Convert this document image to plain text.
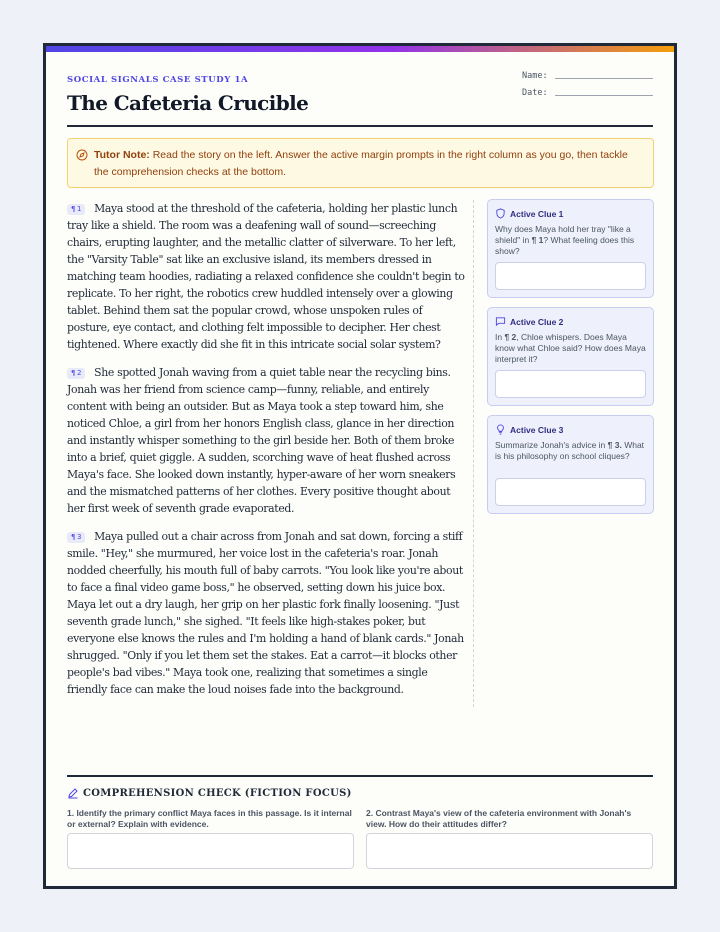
SOCIAL SIGNALS CASE STUDY 1A
The Cafeteria Crucible
Name:
Date:
Tutor Note: Read the story on the left. Answer the active margin prompts in the right column as you go, then tackle the comprehension checks at the bottom.

¶ 1 Maya stood at the threshold of the cafeteria, holding her plastic lunch tray like a shield. The room was a deafening wall of sound—screeching chairs, erupting laughter, and the metallic clatter of silverware. To her left, the "Varsity Table" sat like an exclusive island, its members dressed in matching team hoodies, radiating a relaxed confidence she couldn't begin to replicate. To her right, the robotics crew huddled intensely over a glowing tablet. Behind them sat the popular crowd, whose unspoken rules of posture, eye contact, and clothing felt impossible to decipher. Her chest tightened. Where exactly did she fit in this intricate social solar system?

¶ 2 She spotted Jonah waving from a quiet table near the recycling bins. Jonah was her friend from science camp—funny, reliable, and entirely content with being an outsider. But as Maya took a step toward him, she noticed Chloe, a girl from her honors English class, glance in her direction and instantly whisper something to the girl beside her. Both of them broke into a brief, quiet giggle. A sudden, scorching wave of heat flushed across Maya's face. She looked down instantly, hyper-aware of her worn sneakers and the mismatched patterns of her clothes. Every positive thought about her first week of seventh grade evaporated.

¶ 3 Maya pulled out a chair across from Jonah and sat down, forcing a stiff smile. "Hey," she murmured, her voice lost in the cafeteria's roar. Jonah nodded cheerfully, his mouth full of baby carrots. "You look like you're about to face a final video game boss," he observed, setting down his juice box. Maya let out a dry laugh, her grip on her plastic fork finally loosening. "Just seventh grade lunch," she sighed. "It feels like high-stakes poker, but everyone else knows the rules and I'm holding a hand of blank cards." Jonah shrugged. "Only if you let them set the stakes. Eat a carrot—it blocks other people's bad vibes." Maya took one, realizing that sometimes a single friendly face can make the loud noises fade into the background.

Active Clue 1
Why does Maya hold her tray "like a shield" in ¶ 1? What feeling does this show?
Active Clue 2
In ¶ 2, Chloe whispers. Does Maya know what Chloe said? How does Maya interpret it?
Active Clue 3
Summarize Jonah's advice in ¶ 3. What is his philosophy on school cliques?
COMPREHENSION CHECK (FICTION FOCUS)
1. Identify the primary conflict Maya faces in this passage. Is it internal or external? Explain with evidence.
2. Contrast Maya's view of the cafeteria environment with Jonah's view. How do their attitudes differ?
